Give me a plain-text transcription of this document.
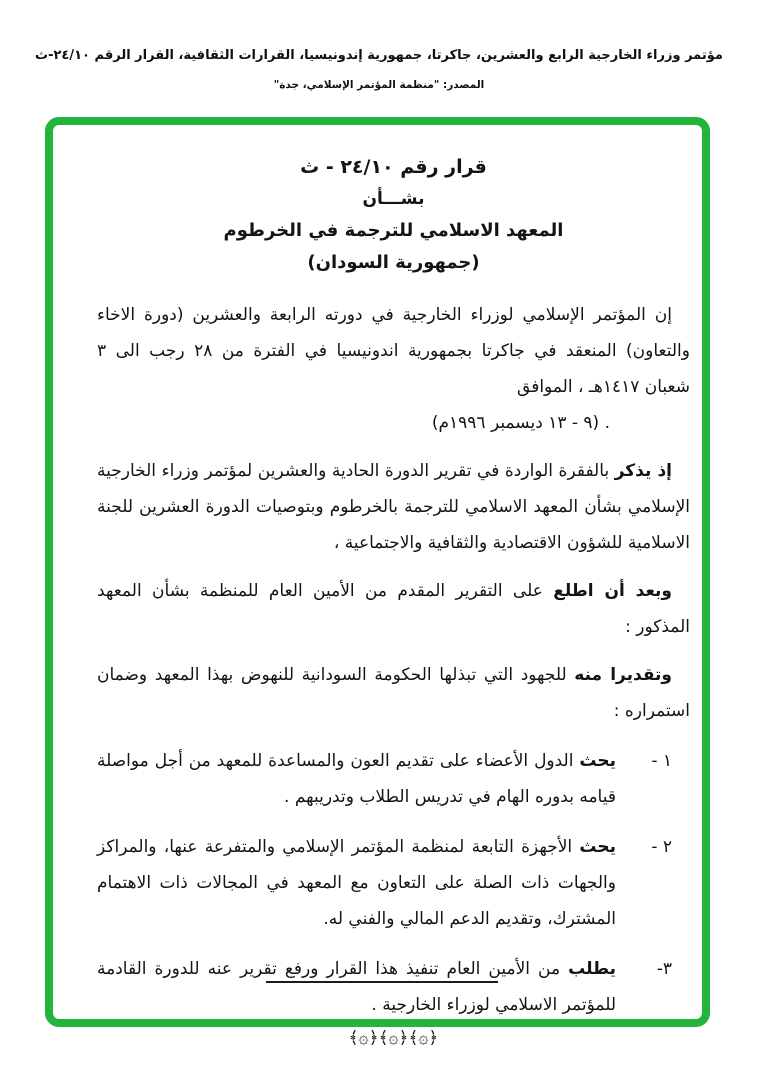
مؤتمر وزراء الخارجية الرابع والعشرين، جاكرتا، جمهورية إندونيسيا، القرارات الثقافية، القرار الرقم ٢٤/١٠-ث
المصدر: "منظمة المؤتمر الإسلامي، جدة"
قرار رقم ٢٤/١٠ - ث
بشـــأن
المعهد الاسلامي للترجمة في الخرطوم
(جمهورية السودان)

إن المؤتمر الإسلامي لوزراء الخارجية في دورته الرابعة والعشرين (دورة الاخاء والتعاون) المنعقد في جاكرتا بجمهورية اندونيسيا في الفترة من ٢٨ رجب الى ٣ شعبان ١٤١٧هـ ، الموافق

(٩ - ١٣ ديسمبر ١٩٩٦م) .

إذ يذكر بالفقرة الواردة في تقرير الدورة الحادية والعشرين لمؤتمر وزراء الخارجية الإسلامي بشأن المعهد الاسلامي للترجمة بالخرطوم وبتوصيات الدورة العشرين للجنة الاسلامية للشؤون الاقتصادية والثقافية والاجتماعية ،

وبعد أن اطلع على التقرير المقدم من الأمين العام للمنظمة بشأن المعهد المذكور :

وتقديرا منه للجهود التي تبذلها الحكومة السودانية للنهوض بهذا المعهد وضمان استمراره :

١ -
يحث الدول الأعضاء على تقديم العون والمساعدة للمعهد من أجل مواصلة قيامه بدوره الهام في تدريس الطلاب وتدريبهم .
٢ -
يحث الأجهزة التابعة لمنظمة المؤتمر الإسلامي والمتفرعة عنها، والمراكز والجهات ذات الصلة على التعاون مع المعهد في المجالات ذات الاهتمام المشترك، وتقديم الدعم المالي والفني له.
٣-
يطلب من الأمين العام تنفيذ هذا القرار ورفع تقرير عنه للدورة القادمة للمؤتمر الاسلامي لوزراء الخارجية .
﴿۞﴾﴿۞﴾﴿۞﴾
